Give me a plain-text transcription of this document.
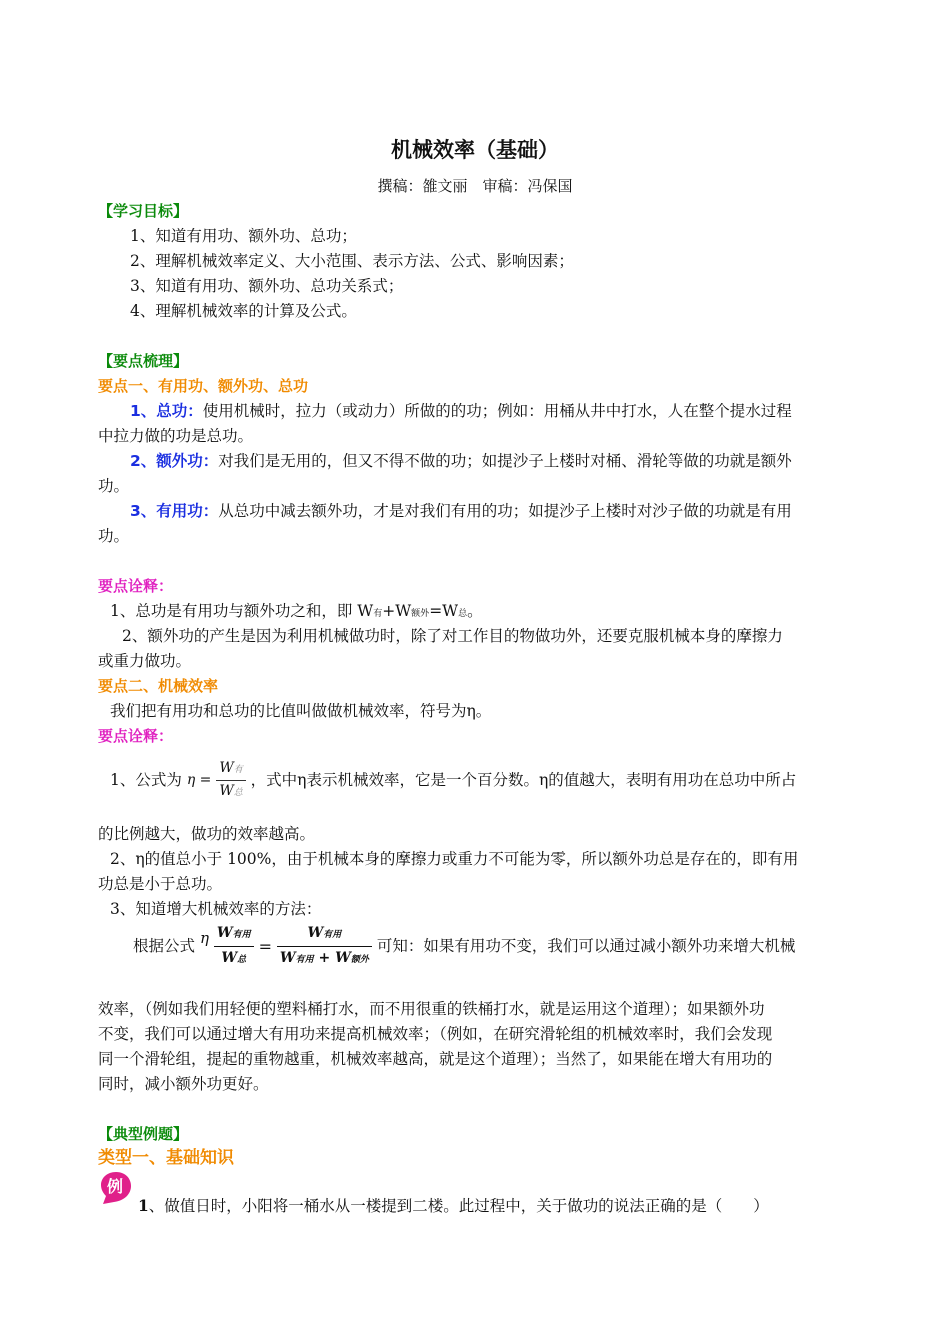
机械效率（基础）
撰稿：雒文丽　审稿：冯保国
【学习目标】
1、知道有用功、额外功、总功；
2、理解机械效率定义、大小范围、表示方法、公式、影响因素；
3、知道有用功、额外功、总功关系式；
4、理解机械效率的计算及公式。
【要点梳理】
要点一、有用功、额外功、总功
1、总功：使用机械时，拉力（或动力）所做的的功；例如：用桶从井中打水，人在整个提水过程
中拉力做的功是总功。
2、额外功：对我们是无用的，但又不得不做的功；如提沙子上楼时对桶、滑轮等做的功就是额外
功。
3、有用功：从总功中减去额外功，才是对我们有用的功；如提沙子上楼时对沙子做的功就是有用
功。
要点诠释：
1、总功是有用功与额外功之和，即 W有+W额外=W总。
2、额外功的产生是因为利用机械做功时，除了对工作目的物做功外，还要克服机械本身的摩擦力
或重力做功。
要点二、机械效率
我们把有用功和总功的比值叫做做机械效率，符号为η。
要点诠释：
1、公式为 $\eta = \frac{\text{W有}}{\text{W总}}$ ，式中η表示机械效率，它是一个百分数。η的值越大，表明有用功在总功中所占
的比例越大，做功的效率越高。
2、η的值总小于 100%，由于机械本身的摩擦力或重力不可能为零，所以额外功总是存在的，即有用
功总是小于总功。
3、知道增大机械效率的方法：
根据公式 η $\frac{\text{W有用}}{\text{W总}} = \frac{\text{W有用}}{\text{W有用 + W额外}}$ 可知：如果有用功不变，我们可以通过减小额外功来增大机械
效率，（例如我们用轻便的塑料桶打水，而不用很重的铁桶打水，就是运用这个道理）；如果额外功
不变，我们可以通过增大有用功来提高机械效率；（例如，在研究滑轮组的机械效率时，我们会发现
同一个滑轮组，提起的重物越重，机械效率越高，就是这个道理）；当然了，如果能在增大有用功的
同时，减小额外功更好。
【典型例题】
类型一、基础知识
例
1、做值日时，小阳将一桶水从一楼提到二楼。此过程中，关于做功的说法正确的是（　　）
